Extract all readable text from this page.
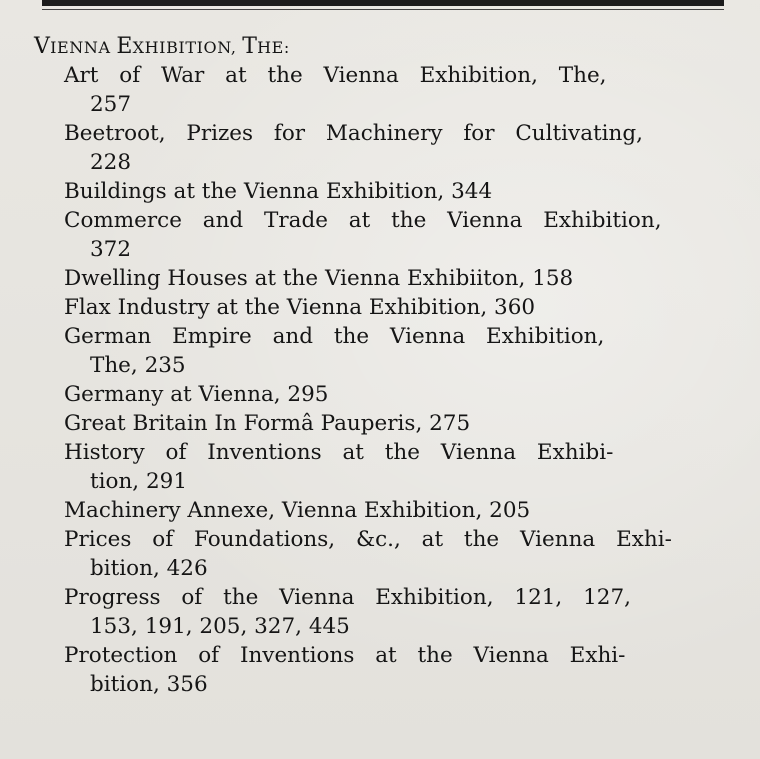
VIENNA EXHIBITION, THE:
Art of War at the Vienna Exhibition, The,
257
Beetroot, Prizes for Machinery for Cultivating,
228
Buildings at the Vienna Exhibition, 344
Commerce and Trade at the Vienna Exhibition,
372
Dwelling Houses at the Vienna Exhibiiton, 158
Flax Industry at the Vienna Exhibition, 360
German Empire and the Vienna Exhibition,
The, 235
Germany at Vienna, 295
Great Britain In Formâ Pauperis, 275
History of Inventions at the Vienna Exhibi-
tion, 291
Machinery Annexe, Vienna Exhibition, 205
Prices of Foundations, &c., at the Vienna Exhi-
bition, 426
Progress of the Vienna Exhibition, 121, 127,
153, 191, 205, 327, 445
Protection of Inventions at the Vienna Exhi-
bition, 356
